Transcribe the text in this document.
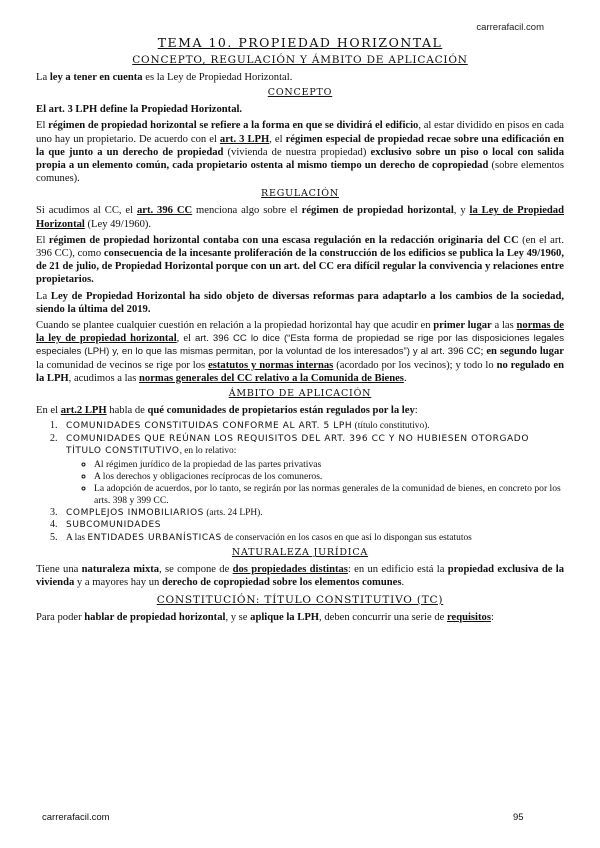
carrerafacil.com
TEMA 10. PROPIEDAD HORIZONTAL
CONCEPTO, REGULACIÓN Y ÁMBITO DE APLICACIÓN

La ley a tener en cuenta es la Ley de Propiedad Horizontal.

CONCEPTO

El art. 3 LPH define la Propiedad Horizontal.

El régimen de propiedad horizontal se refiere a la forma en que se dividirá el edificio, al estar dividido en pisos en cada uno hay un propietario. De acuerdo con el art. 3 LPH, el régimen especial de propiedad recae sobre una edificación en la que junto a un derecho de propiedad (vivienda de nuestra propiedad) exclusivo sobre un piso o local con salida propia a un elemento común, cada propietario ostenta al mismo tiempo un derecho de copropiedad (sobre elementos comunes).

REGULACIÓN

Si acudimos al CC, el art. 396 CC menciona algo sobre el régimen de propiedad horizontal, y la Ley de Propiedad Horizontal (Ley 49/1960).

El régimen de propiedad horizontal contaba con una escasa regulación en la redacción originaria del CC (en el art. 396 CC), como consecuencia de la incesante proliferación de la construcción de los edificios se publica la Ley 49/1960, de 21 de julio, de Propiedad Horizontal porque con un art. del CC era difícil regular la convivencia y relaciones entre propietarios.

La Ley de Propiedad Horizontal ha sido objeto de diversas reformas para adaptarlo a los cambios de la sociedad, siendo la última del 2019.

Cuando se plantee cualquier cuestión en relación a la propiedad horizontal hay que acudir en primer lugar a las normas de la ley de propiedad horizontal, el art. 396 CC lo dice (“Esta forma de propiedad se rige por las disposiciones legales especiales (LPH) y, en lo que las mismas permitan, por la voluntad de los interesados”) y al art. 396 CC; en segundo lugar la comunidad de vecinos se rige por los estatutos y normas internas (acordado por los vecinos); y todo lo no regulado en la LPH, acudimos a las normas generales del CC relativo a la Comunida de Bienes.

ÁMBITO DE APLICACIÓN

En el art.2 LPH habla de qué comunidades de propietarios están regulados por la ley:

1. COMUNIDADES CONSTITUIDAS CONFORME AL ART. 5 LPH (título constitutivo).
2. COMUNIDADES QUE REÚNAN LOS REQUISITOS DEL ART. 396 CC Y NO HUBIESEN OTORGADO TÍTULO CONSTITUTIVO, en lo relativo:
◦ Al régimen jurídico de la propiedad de las partes privativas
◦ A los derechos y obligaciones recíprocas de los comuneros.
◦ La adopción de acuerdos, por lo tanto, se regirán por las normas generales de la comunidad de bienes, en concreto por los arts. 398 y 399 CC.
3. COMPLEJOS INMOBILIARIOS (arts. 24 LPH).
4. SUBCOMUNIDADES
5. A las ENTIDADES URBANÍSTICAS de conservación en los casos en que así lo dispongan sus estatutos
NATURALEZA JURÍDICA

Tiene una naturaleza mixta, se compone de dos propiedades distintas: en un edificio está la propiedad exclusiva de la vivienda y a mayores hay un derecho de copropiedad sobre los elementos comunes.

CONSTITUCIÓN: TÍTULO CONSTITUTIVO (TC)

Para poder hablar de propiedad horizontal, y se aplique la LPH, deben concurrir una serie de requisitos:

carrerafacil.com	95
